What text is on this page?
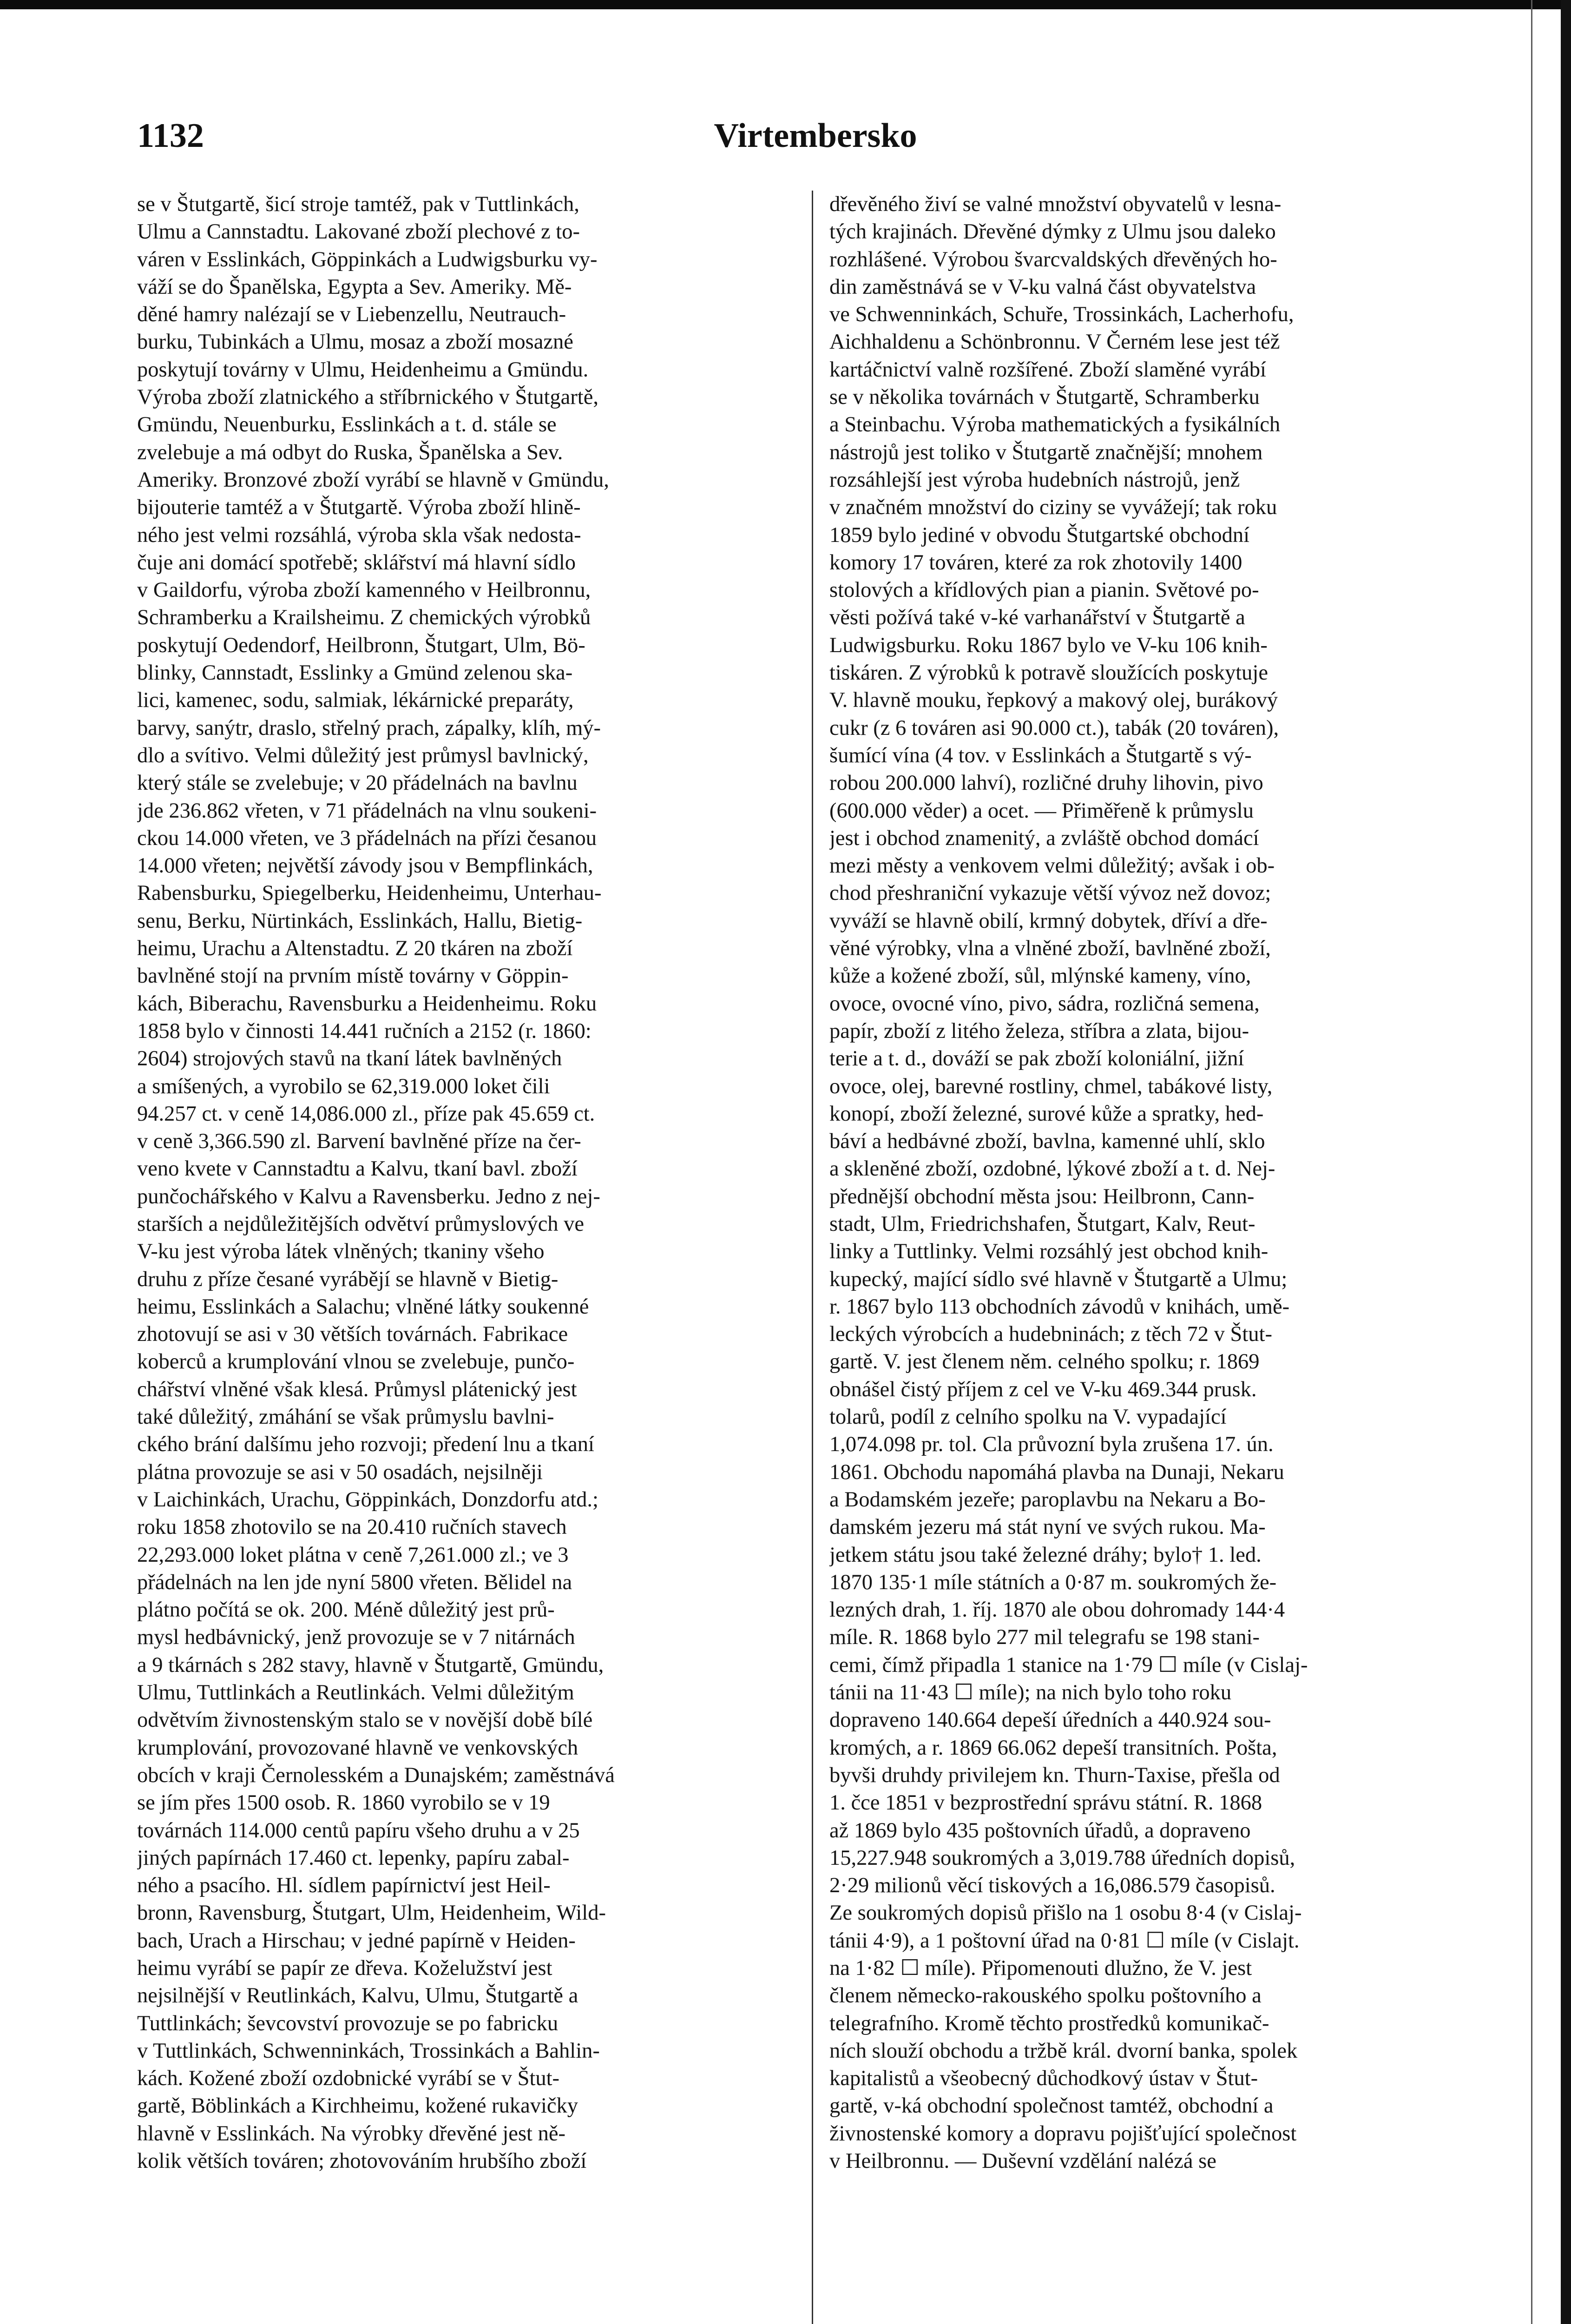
Virtembersko
1132
se v Štutgartě, šicí stroje tamtéž, pak v Tuttlinkách,
Ulmu a Cannstadtu. Lakované zboží plechové z to-
váren v Esslinkách, Göppinkách a Ludwigsburku vy-
váží se do Španělska, Egypta a Sev. Ameriky. Mě-
děné hamry nalézají se v Liebenzellu, Neutrauch-
burku, Tubinkách a Ulmu, mosaz a zboží mosazné
poskytují továrny v Ulmu, Heidenheimu a Gmündu.
Výroba zboží zlatnického a stříbrnického v Štutgartě,
Gmündu, Neuenburku, Esslinkách a t. d. stále se
zvelebuje a má odbyt do Ruska, Španělska a Sev.
Ameriky. Bronzové zboží vyrábí se hlavně v Gmündu,
bijouterie tamtéž a v Štutgartě. Výroba zboží hlině-
ného jest velmi rozsáhlá, výroba skla však nedosta-
čuje ani domácí spotřebě; sklářství má hlavní sídlo
v Gaildorfu, výroba zboží kamenného v Heilbronnu,
Schramberku a Krailsheimu. Z chemických výrobků
poskytují Oedendorf, Heilbronn, Štutgart, Ulm, Bö-
blinky, Cannstadt, Esslinky a Gmünd zelenou ska-
lici, kamenec, sodu, salmiak, lékárnické preparáty,
barvy, sanýtr, draslo, střelný prach, zápalky, klíh, mý-
dlo a svítivo. Velmi důležitý jest průmysl bavlnický,
který stále se zvelebuje; v 20 přádelnách na bavlnu
jde 236.862 vřeten, v 71 přádelnách na vlnu soukeni-
ckou 14.000 vřeten, ve 3 přádelnách na přízi česanou
14.000 vřeten; největší závody jsou v Bempflinkách,
Rabensburku, Spiegelberku, Heidenheimu, Unterhau-
senu, Berku, Nürtinkách, Esslinkách, Hallu, Bietig-
heimu, Urachu a Altenstadtu. Z 20 tkáren na zboží
bavlněné stojí na prvním místě továrny v Göppin-
kách, Biberachu, Ravensburku a Heidenheimu. Roku
1858 bylo v činnosti 14.441 ručních a 2152 (r. 1860:
2604) strojových stavů na tkaní látek bavlněných
a smíšených, a vyrobilo se 62,319.000 loket čili
94.257 ct. v ceně 14,086.000 zl., příze pak 45.659 ct.
v ceně 3,366.590 zl. Barvení bavlněné příze na čer-
veno kvete v Cannstadtu a Kalvu, tkaní bavl. zboží
punčochářského v Kalvu a Ravensberku. Jedno z nej-
starších a nejdůležitějších odvětví průmyslových ve
V-ku jest výroba látek vlněných; tkaniny všeho
druhu z příze česané vyrábějí se hlavně v Bietig-
heimu, Esslinkách a Salachu; vlněné látky soukenné
zhotovují se asi v 30 větších továrnách. Fabrikace
koberců a krumplování vlnou se zvelebuje, punčo-
chářství vlněné však klesá. Průmysl plátenický jest
také důležitý, zmáhání se však průmyslu bavlni-
ckého brání dalšímu jeho rozvoji; předení lnu a tkaní
plátna provozuje se asi v 50 osadách, nejsilněji
v Laichinkách, Urachu, Göppinkách, Donzdorfu atd.;
roku 1858 zhotovilo se na 20.410 ručních stavech
22,293.000 loket plátna v ceně 7,261.000 zl.; ve 3
přádelnách na len jde nyní 5800 vřeten. Bělidel na
plátno počítá se ok. 200. Méně důležitý jest prů-
mysl hedbávnický, jenž provozuje se v 7 nitárnách
a 9 tkárnách s 282 stavy, hlavně v Štutgartě, Gmündu,
Ulmu, Tuttlinkách a Reutlinkách. Velmi důležitým
odvětvím živnostenským stalo se v novější době bílé
krumplování, provozované hlavně ve venkovských
obcích v kraji Černolesském a Dunajském; zaměstnává
se jím přes 1500 osob. R. 1860 vyrobilo se v 19
továrnách 114.000 centů papíru všeho druhu a v 25
jiných papírnách 17.460 ct. lepenky, papíru zabal-
ného a psacího. Hl. sídlem papírnictví jest Heil-
bronn, Ravensburg, Štutgart, Ulm, Heidenheim, Wild-
bach, Urach a Hirschau; v jedné papírně v Heiden-
heimu vyrábí se papír ze dřeva. Koželužství jest
nejsilnější v Reutlinkách, Kalvu, Ulmu, Štutgartě a
Tuttlinkách; ševcovství provozuje se po fabricku
v Tuttlinkách, Schwenninkách, Trossinkách a Bahlin-
kách. Kožené zboží ozdobnické vyrábí se v Štut-
gartě, Böblinkách a Kirchheimu, kožené rukavičky
hlavně v Esslinkách. Na výrobky dřevěné jest ně-
kolik větších továren; zhotovováním hrubšího zboží
dřevěného živí se valné množství obyvatelů v lesna-
tých krajinách. Dřevěné dýmky z Ulmu jsou daleko
rozhlášené. Výrobou švarcvaldských dřevěných ho-
din zaměstnává se v V-ku valná část obyvatelstva
ve Schwenninkách, Schuře, Trossinkách, Lacherhofu,
Aichhaldenu a Schönbronnu. V Černém lese jest též
kartáčnictví valně rozšířené. Zboží slaměné vyrábí
se v několika továrnách v Štutgartě, Schramberku
a Steinbachu. Výroba mathematických a fysikálních
nástrojů jest toliko v Štutgartě značnější; mnohem
rozsáhlejší jest výroba hudebních nástrojů, jenž
v značném množství do ciziny se vyvážejí; tak roku
1859 bylo jediné v obvodu Štutgartské obchodní
komory 17 továren, které za rok zhotovily 1400
stolových a křídlových pian a pianin. Světové po-
věsti požívá také v-ké varhanářství v Štutgartě a
Ludwigsburku. Roku 1867 bylo ve V-ku 106 knih-
tiskáren. Z výrobků k potravě sloužících poskytuje
V. hlavně mouku, řepkový a makový olej, burákový
cukr (z 6 továren asi 90.000 ct.), tabák (20 továren),
šumící vína (4 tov. v Esslinkách a Štutgartě s vý-
robou 200.000 lahví), rozličné druhy lihovin, pivo
(600.000 věder) a ocet. — Přiměřeně k průmyslu
jest i obchod znamenitý, a zvláště obchod domácí
mezi městy a venkovem velmi důležitý; avšak i ob-
chod přeshraniční vykazuje větší vývoz než dovoz;
vyváží se hlavně obilí, krmný dobytek, dříví a dře-
věné výrobky, vlna a vlněné zboží, bavlněné zboží,
kůže a kožené zboží, sůl, mlýnské kameny, víno,
ovoce, ovocné víno, pivo, sádra, rozličná semena,
papír, zboží z litého železa, stříbra a zlata, bijou-
terie a t. d., dováží se pak zboží koloniální, jižní
ovoce, olej, barevné rostliny, chmel, tabákové listy,
konopí, zboží železné, surové kůže a spratky, hed-
báví a hedbávné zboží, bavlna, kamenné uhlí, sklo
a skleněné zboží, ozdobné, lýkové zboží a t. d. Nej-
přednější obchodní města jsou: Heilbronn, Cann-
stadt, Ulm, Friedrichshafen, Štutgart, Kalv, Reut-
linky a Tuttlinky. Velmi rozsáhlý jest obchod knih-
kupecký, mající sídlo své hlavně v Štutgartě a Ulmu;
r. 1867 bylo 113 obchodních závodů v knihách, umě-
leckých výrobcích a hudebninách; z těch 72 v Štut-
gartě. V. jest členem něm. celného spolku; r. 1869
obnášel čistý příjem z cel ve V-ku 469.344 prusk.
tolarů, podíl z celního spolku na V. vypadající
1,074.098 pr. tol. Cla průvozní byla zrušena 17. ún.
1861. Obchodu napomáhá plavba na Dunaji, Nekaru
a Bodamském jezeře; paroplavbu na Nekaru a Bo-
damském jezeru má stát nyní ve svých rukou. Ma-
jetkem státu jsou také železné dráhy; bylo† 1. led.
1870 135·1 míle státních a 0·87 m. soukromých že-
lezných drah, 1. říj. 1870 ale obou dohromady 144·4
míle. R. 1868 bylo 277 mil telegrafu se 198 stani-
cemi, čímž připadla 1 stanice na 1·79 ☐ míle (v Cislaj-
tánii na 11·43 ☐ míle); na nich bylo toho roku
dopraveno 140.664 depeší úředních a 440.924 sou-
kromých, a r. 1869 66.062 depeší transitních. Pošta,
byvši druhdy privilejem kn. Thurn-Taxise, přešla od
1. čce 1851 v bezprostřední správu státní. R. 1868
až 1869 bylo 435 poštovních úřadů, a dopraveno
15,227.948 soukromých a 3,019.788 úředních dopisů,
2·29 milionů věcí tiskových a 16,086.579 časopisů.
Ze soukromých dopisů přišlo na 1 osobu 8·4 (v Cislaj-
tánii 4·9), a 1 poštovní úřad na 0·81 ☐ míle (v Cislajt.
na 1·82 ☐ míle). Připomenouti dlužno, že V. jest
členem německo-rakouského spolku poštovního a
telegrafního. Kromě těchto prostředků komunikač-
ních slouží obchodu a tržbě král. dvorní banka, spolek
kapitalistů a všeobecný důchodkový ústav v Štut-
gartě, v-ká obchodní společnost tamtéž, obchodní a
živnostenské komory a dopravu pojišťující společnost
v Heilbronnu. — Duševní vzdělání nalézá se
